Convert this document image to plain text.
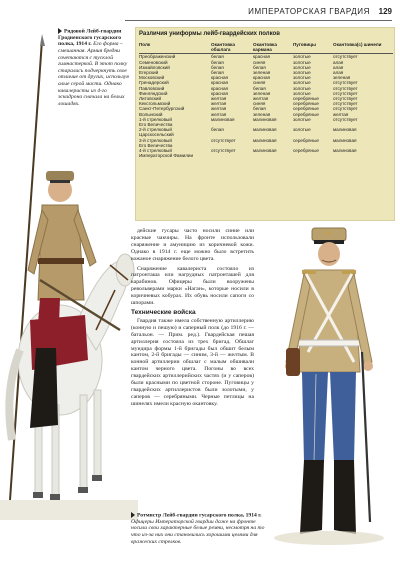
ИМПЕРАТОРСКАЯ ГВАРДИЯ 129
Рядовой Лейб-гвардии Гродненского гусарского полка, 1914 г. Его форма – смешанная. Армия бредни сочетаются с тусклой гимнастеркой. В этот полку старались подчеркнуть свое отличие от других, используя алые серой масти. Однако кавалеристы из 4-го эскадрона сначала на белых лошадях.
Различия униформы лейб-гвардейских полков
Полк	Окантовка обшлага	Окантовка кармана	Пуговицы	Окантовка(с) шинели
Преображенский	белая	красная	золотые	отсутствует
Семеновский	белая	синяя	золотые	алая
Измайловский	белая	белая	золотые	алая
Егерский	белая	зеленая	золотые	алая
Московский	красная	красная	золотые	зеленая
Гренадерский	красная	синяя	золотые	отсутствует
Павловский	красная	белая	золотые	отсутствует
Финляндский	красная	зеленая	золотые	отсутствует
Литовский	желтая	желтая	серебряные	отсутствует
Кексгольмский	желтая	синяя	серебряные	отсутствует
Санкт-Петербургский	желтая	белая	серебряные	отсутствует
Волынский	желтая	зеленая	серебряные	желтая
1-й стрелковый	малиновая	малиновая	золотые	отсутствует
Его Величества				
2-й стрелковый	белая	малиновая	золотые	малиновая
Царскосельский				
3-й стрелковый	отсутствует	малиновая	серебряные	малиновая
Его Величества				
4-й стрелковый	отсутствует	малиновая	серебряные	малиновая
Императорской Фамилии				

дейские гусары часто носили синие или красные чакчиры. На фронте использовали снаряжение и амуницию из коричневой кожи. Однако в 1914 г. еще можно было встретить кожаное снаряжение белого цвета.

Снаряжение кавалериста состояло из патронташа или нагрудных патронташей для карабинов. Офицеры были вооружены револьверами марки «Наган», которые носили в коричневых кобурах. Их обувь носили сапоги со шпорами.

Технические войска

Гвардия также имела собственную артиллерию (конную и пешую) и саперный полк (до 1916 г. — батальон. — Прим. ред.). Гвардейская пешая артиллерия состояла из трех бригад. Обшлаг мундира формы 1-й бригады был обшит белым кантом, 2-й бригады — синим, 3-й — желтым. В конной артиллерии обшлаг с малым обшивали кантом черного цвета. Погоны во всех гвардейских артиллерийских частях (и у саперов) были красными по цветной стороне. Пуговицы у гвардейских артиллеристов были золотыми, у саперов — серебряными. Черные петлицы на шинелях имели красную окантовку.

Ротмистр Лейб-гвардии гусарского полка, 1914 г. Офицеры Императорской гвардии даже на фронте носили свои характерные белые ремни, несмотря на то что из-за них они становились хорошими целями для вражеских стрелков.
